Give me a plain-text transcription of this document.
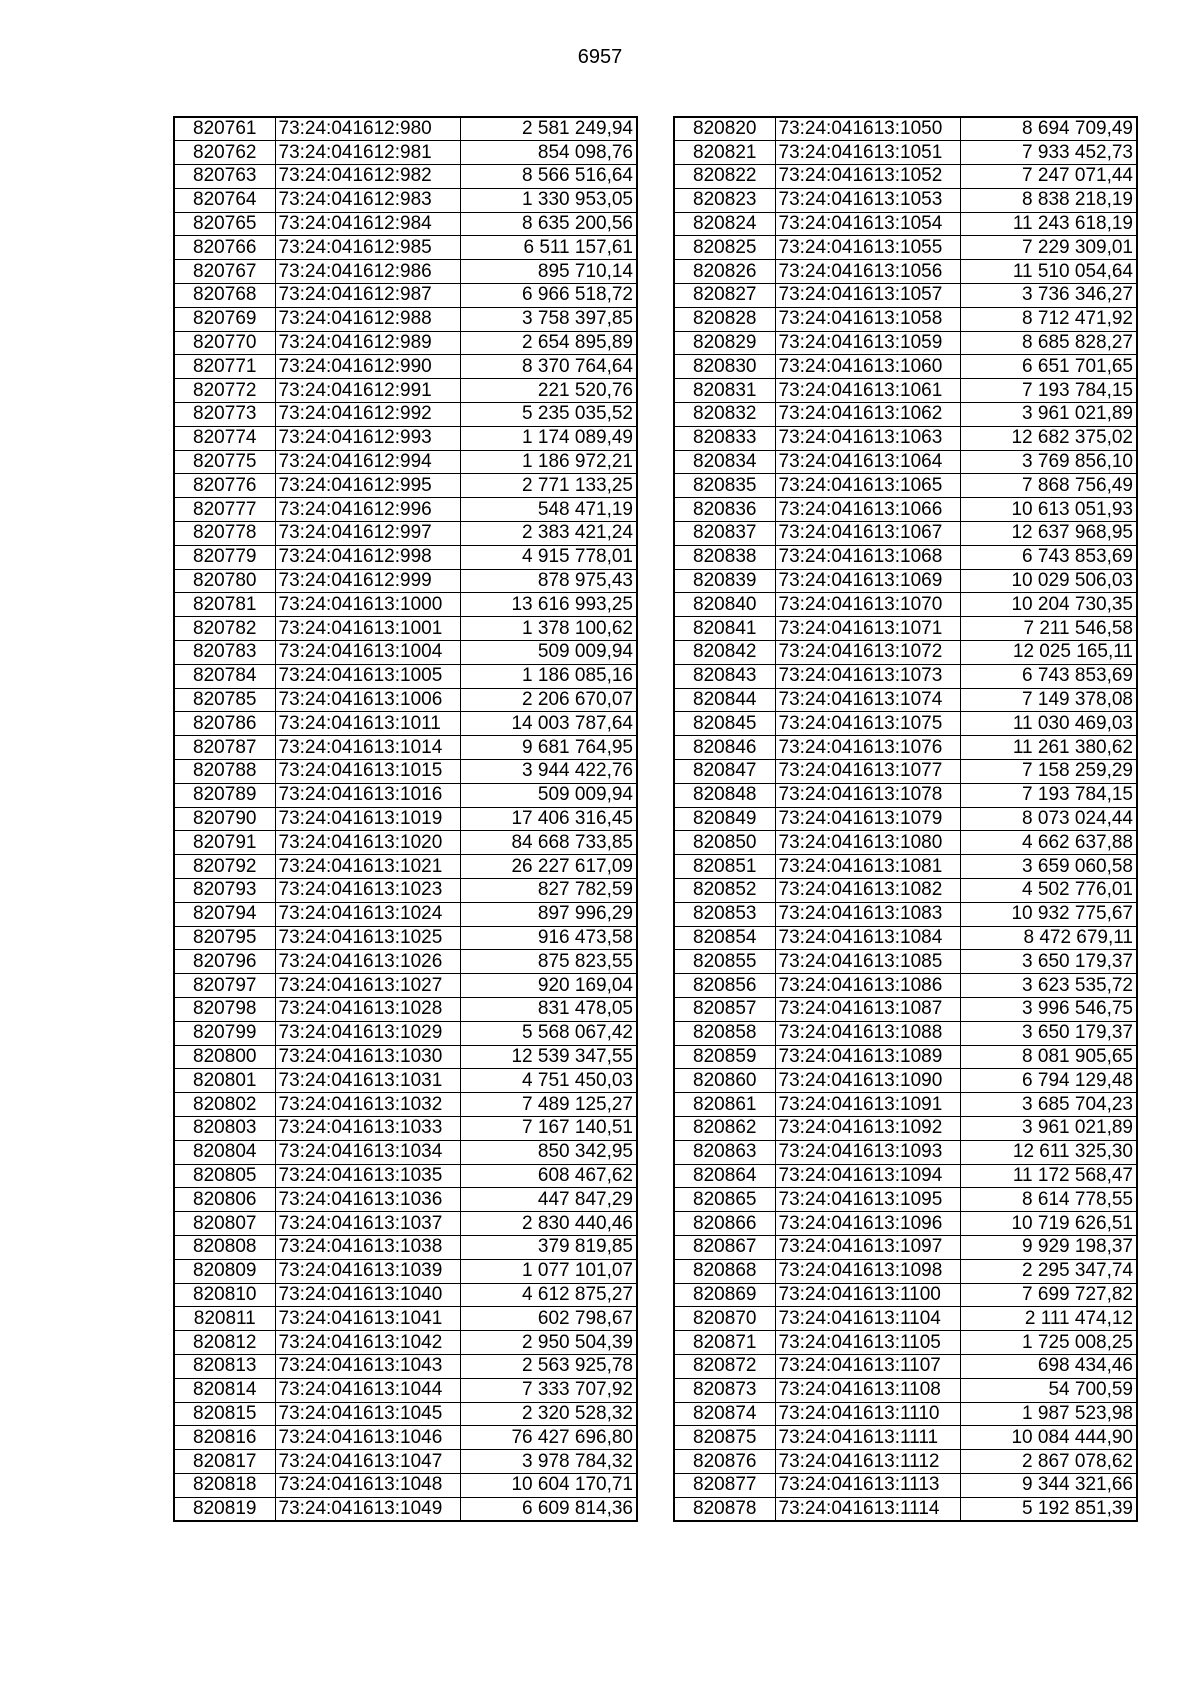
6957
820761	73:24:041612:980	2 581 249,94
820762	73:24:041612:981	854 098,76
820763	73:24:041612:982	8 566 516,64
820764	73:24:041612:983	1 330 953,05
820765	73:24:041612:984	8 635 200,56
820766	73:24:041612:985	6 511 157,61
820767	73:24:041612:986	895 710,14
820768	73:24:041612:987	6 966 518,72
820769	73:24:041612:988	3 758 397,85
820770	73:24:041612:989	2 654 895,89
820771	73:24:041612:990	8 370 764,64
820772	73:24:041612:991	221 520,76
820773	73:24:041612:992	5 235 035,52
820774	73:24:041612:993	1 174 089,49
820775	73:24:041612:994	1 186 972,21
820776	73:24:041612:995	2 771 133,25
820777	73:24:041612:996	548 471,19
820778	73:24:041612:997	2 383 421,24
820779	73:24:041612:998	4 915 778,01
820780	73:24:041612:999	878 975,43
820781	73:24:041613:1000	13 616 993,25
820782	73:24:041613:1001	1 378 100,62
820783	73:24:041613:1004	509 009,94
820784	73:24:041613:1005	1 186 085,16
820785	73:24:041613:1006	2 206 670,07
820786	73:24:041613:1011	14 003 787,64
820787	73:24:041613:1014	9 681 764,95
820788	73:24:041613:1015	3 944 422,76
820789	73:24:041613:1016	509 009,94
820790	73:24:041613:1019	17 406 316,45
820791	73:24:041613:1020	84 668 733,85
820792	73:24:041613:1021	26 227 617,09
820793	73:24:041613:1023	827 782,59
820794	73:24:041613:1024	897 996,29
820795	73:24:041613:1025	916 473,58
820796	73:24:041613:1026	875 823,55
820797	73:24:041613:1027	920 169,04
820798	73:24:041613:1028	831 478,05
820799	73:24:041613:1029	5 568 067,42
820800	73:24:041613:1030	12 539 347,55
820801	73:24:041613:1031	4 751 450,03
820802	73:24:041613:1032	7 489 125,27
820803	73:24:041613:1033	7 167 140,51
820804	73:24:041613:1034	850 342,95
820805	73:24:041613:1035	608 467,62
820806	73:24:041613:1036	447 847,29
820807	73:24:041613:1037	2 830 440,46
820808	73:24:041613:1038	379 819,85
820809	73:24:041613:1039	1 077 101,07
820810	73:24:041613:1040	4 612 875,27
820811	73:24:041613:1041	602 798,67
820812	73:24:041613:1042	2 950 504,39
820813	73:24:041613:1043	2 563 925,78
820814	73:24:041613:1044	7 333 707,92
820815	73:24:041613:1045	2 320 528,32
820816	73:24:041613:1046	76 427 696,80
820817	73:24:041613:1047	3 978 784,32
820818	73:24:041613:1048	10 604 170,71
820819	73:24:041613:1049	6 609 814,36
820820	73:24:041613:1050	8 694 709,49
820821	73:24:041613:1051	7 933 452,73
820822	73:24:041613:1052	7 247 071,44
820823	73:24:041613:1053	8 838 218,19
820824	73:24:041613:1054	11 243 618,19
820825	73:24:041613:1055	7 229 309,01
820826	73:24:041613:1056	11 510 054,64
820827	73:24:041613:1057	3 736 346,27
820828	73:24:041613:1058	8 712 471,92
820829	73:24:041613:1059	8 685 828,27
820830	73:24:041613:1060	6 651 701,65
820831	73:24:041613:1061	7 193 784,15
820832	73:24:041613:1062	3 961 021,89
820833	73:24:041613:1063	12 682 375,02
820834	73:24:041613:1064	3 769 856,10
820835	73:24:041613:1065	7 868 756,49
820836	73:24:041613:1066	10 613 051,93
820837	73:24:041613:1067	12 637 968,95
820838	73:24:041613:1068	6 743 853,69
820839	73:24:041613:1069	10 029 506,03
820840	73:24:041613:1070	10 204 730,35
820841	73:24:041613:1071	7 211 546,58
820842	73:24:041613:1072	12 025 165,11
820843	73:24:041613:1073	6 743 853,69
820844	73:24:041613:1074	7 149 378,08
820845	73:24:041613:1075	11 030 469,03
820846	73:24:041613:1076	11 261 380,62
820847	73:24:041613:1077	7 158 259,29
820848	73:24:041613:1078	7 193 784,15
820849	73:24:041613:1079	8 073 024,44
820850	73:24:041613:1080	4 662 637,88
820851	73:24:041613:1081	3 659 060,58
820852	73:24:041613:1082	4 502 776,01
820853	73:24:041613:1083	10 932 775,67
820854	73:24:041613:1084	8 472 679,11
820855	73:24:041613:1085	3 650 179,37
820856	73:24:041613:1086	3 623 535,72
820857	73:24:041613:1087	3 996 546,75
820858	73:24:041613:1088	3 650 179,37
820859	73:24:041613:1089	8 081 905,65
820860	73:24:041613:1090	6 794 129,48
820861	73:24:041613:1091	3 685 704,23
820862	73:24:041613:1092	3 961 021,89
820863	73:24:041613:1093	12 611 325,30
820864	73:24:041613:1094	11 172 568,47
820865	73:24:041613:1095	8 614 778,55
820866	73:24:041613:1096	10 719 626,51
820867	73:24:041613:1097	9 929 198,37
820868	73:24:041613:1098	2 295 347,74
820869	73:24:041613:1100	7 699 727,82
820870	73:24:041613:1104	2 111 474,12
820871	73:24:041613:1105	1 725 008,25
820872	73:24:041613:1107	698 434,46
820873	73:24:041613:1108	54 700,59
820874	73:24:041613:1110	1 987 523,98
820875	73:24:041613:1111	10 084 444,90
820876	73:24:041613:1112	2 867 078,62
820877	73:24:041613:1113	9 344 321,66
820878	73:24:041613:1114	5 192 851,39
